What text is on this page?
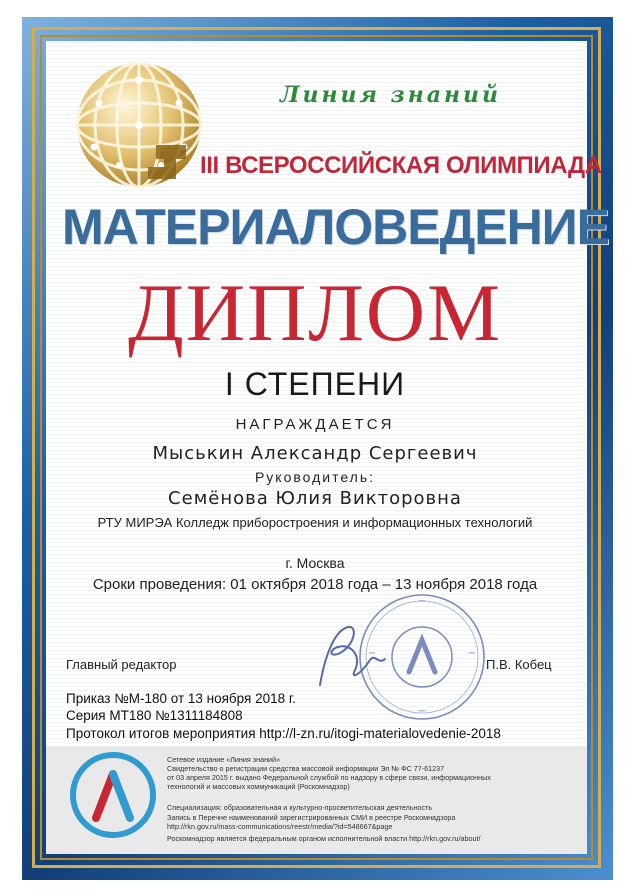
Линия знаний
III ВСЕРОССИЙСКАЯ ОЛИМПИАДА
МАТЕРИАЛОВЕДЕНИЕ
ДИПЛОМ
I СТЕПЕНИ
НАГРАЖДАЕТСЯ
Мыськин Александр Сергеевич
Руководитель:
Семёнова Юлия Викторовна
РТУ МИРЭА Колледж приборостроения и информационных технологий
г. Москва
Сроки проведения: 01 октября 2018 года – 13 ноября 2018 года
Главный редактор	П.В. Кобец
Приказ №М-180 от 13 ноября 2018 г.
Серия МТ180 №1311184808
Протокол итогов мероприятия http://l-zn.ru/itogi-materialovedenie-2018
Сетевое издание «Линия знаний»
Свидетельство о регистрации средства массовой информации Эл № ФС 77-61237
от 03 апреля 2015 г. выдано Федеральной службой по надзору в сфере связи, информационных
технологий и массовых коммуникаций (Роскомнадзор)
Специализация: образовательная и культурно-просветительская деятельность
Запись в Перечне наименований зарегистрированных СМИ в реестре Роскомнадзора
http://rkn.gov.ru/mass-communications/reestr/media/?id=548667&page
Роскомнадзор является федеральным органом исполнительной власти http://rkn.gov.ru/about/
